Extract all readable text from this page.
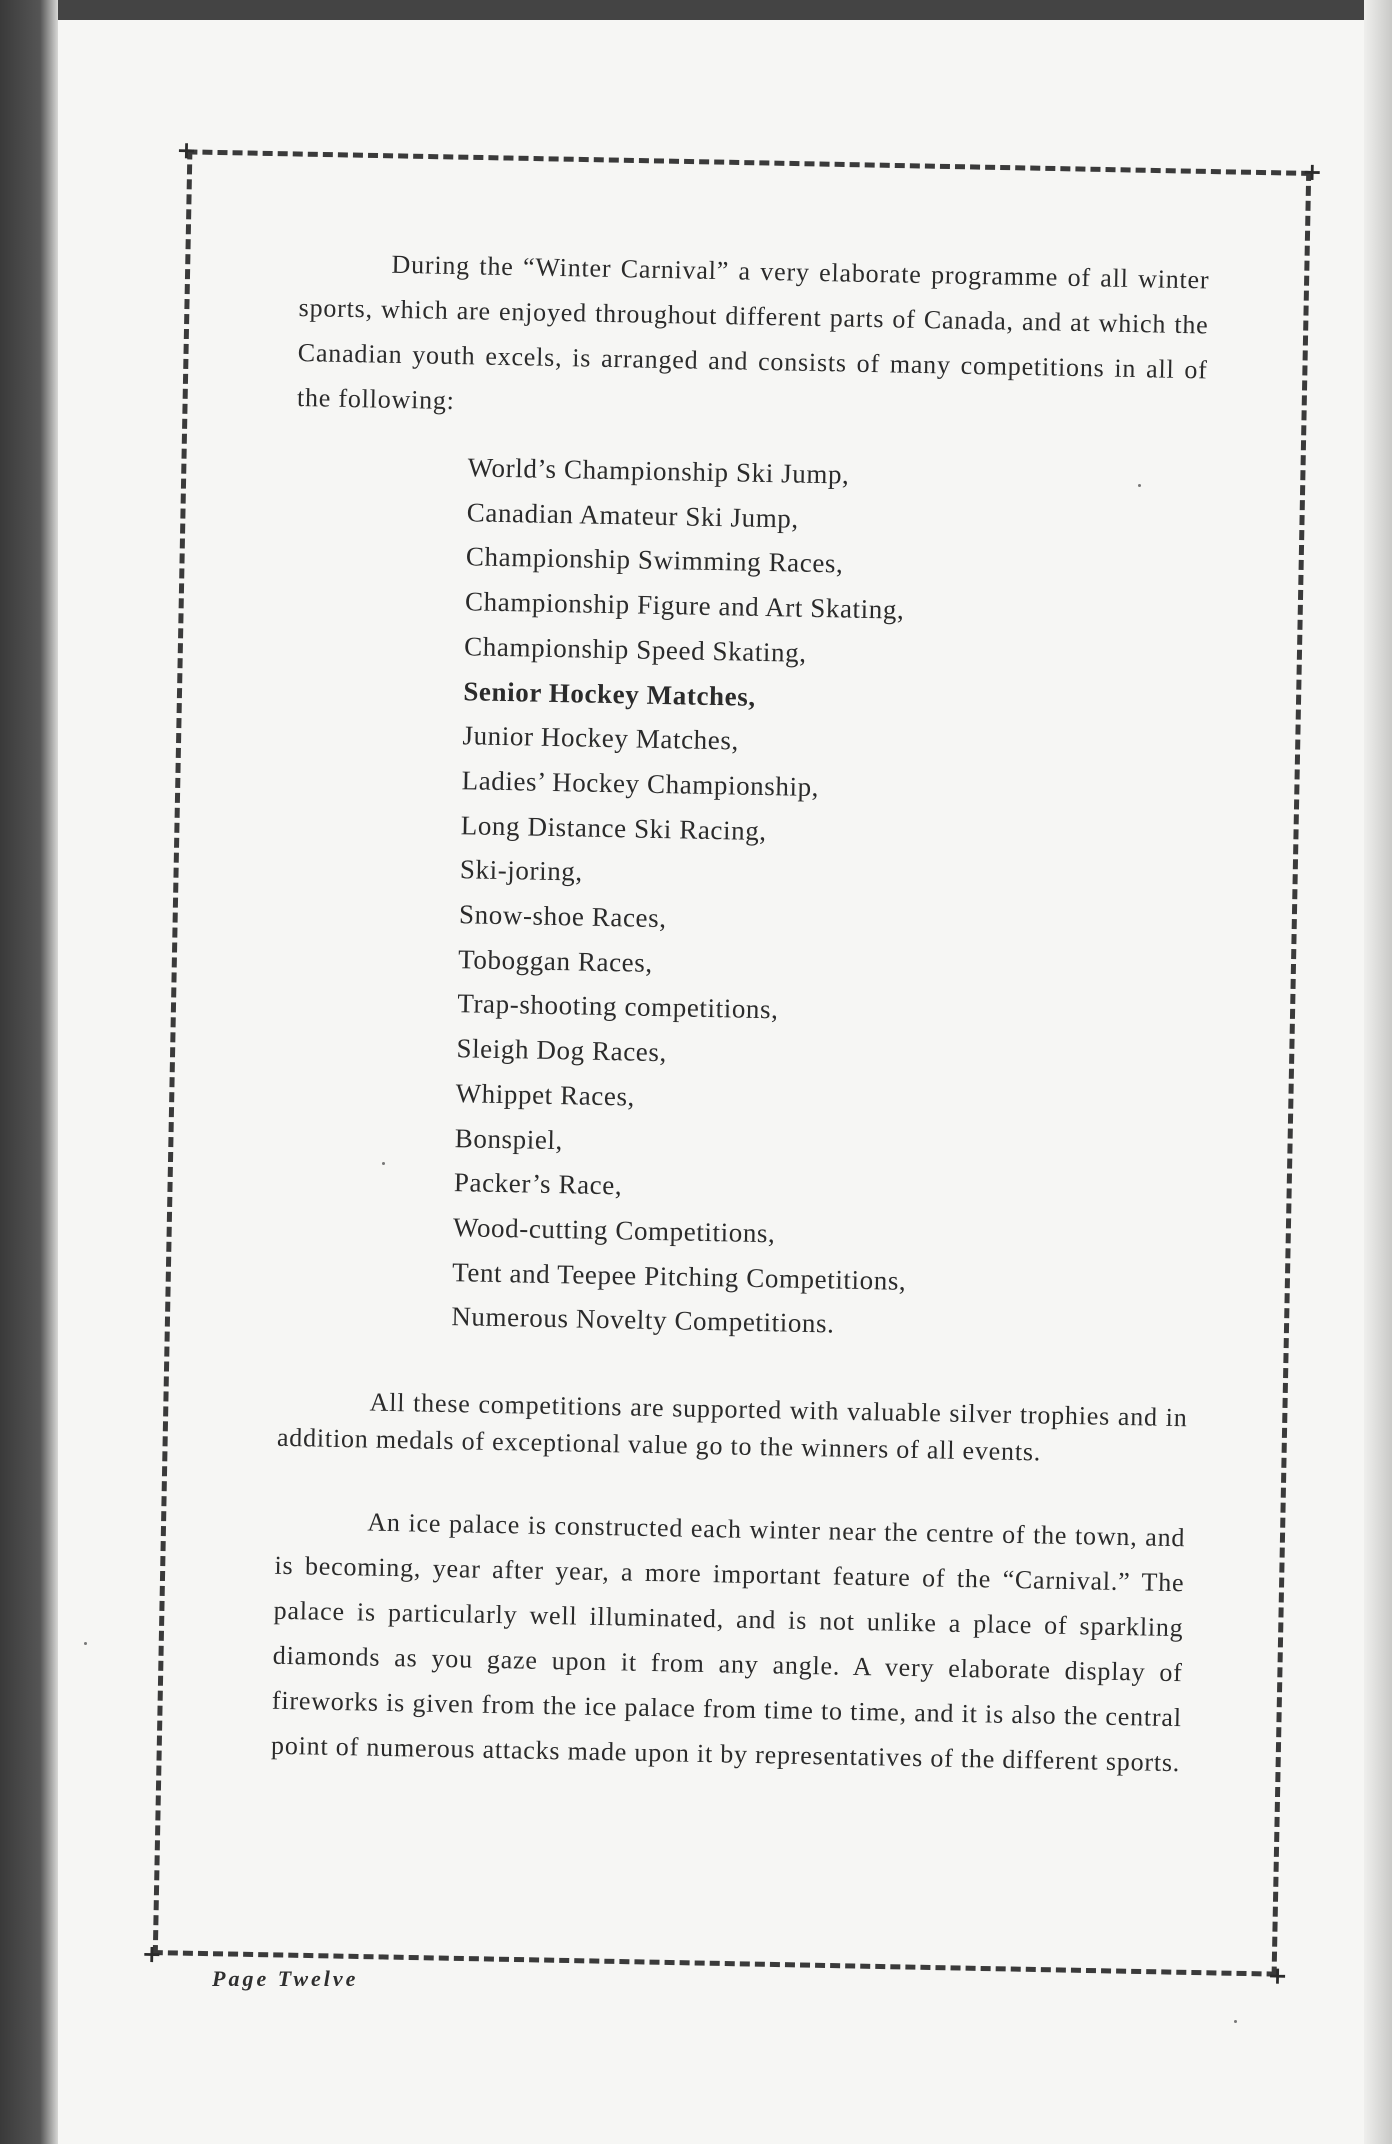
+
+
+
+

During the “Winter Carnival” a very elaborate programme of all winter sports, which are enjoyed throughout different parts of Canada, and at which the Canadian youth excels, is arranged and consists of many competitions in all of the following:

World’s Championship Ski Jump,
Canadian Amateur Ski Jump,
Championship Swimming Races,
Championship Figure and Art Skating,
Championship Speed Skating,
Senior Hockey Matches,
Junior Hockey Matches,
Ladies’ Hockey Championship,
Long Distance Ski Racing,
Ski-joring,
Snow-shoe Races,
Toboggan Races,
Trap-shooting competitions,
Sleigh Dog Races,
Whippet Races,
Bonspiel,
Packer’s Race,
Wood-cutting Competitions,
Tent and Teepee Pitching Competitions,
Numerous Novelty Competitions.

All these competitions are supported with valuable silver trophies and in addition medals of exceptional value go to the winners of all events.

An ice palace is constructed each winter near the centre of the town, and is becoming, year after year, a more important feature of the “Carnival.” The palace is particularly well illuminated, and is not unlike a place of sparkling diamonds as you gaze upon it from any angle. A very elaborate display of fireworks is given from the ice palace from time to time, and it is also the central point of numerous attacks made upon it by representatives of the different sports.

Page Twelve
